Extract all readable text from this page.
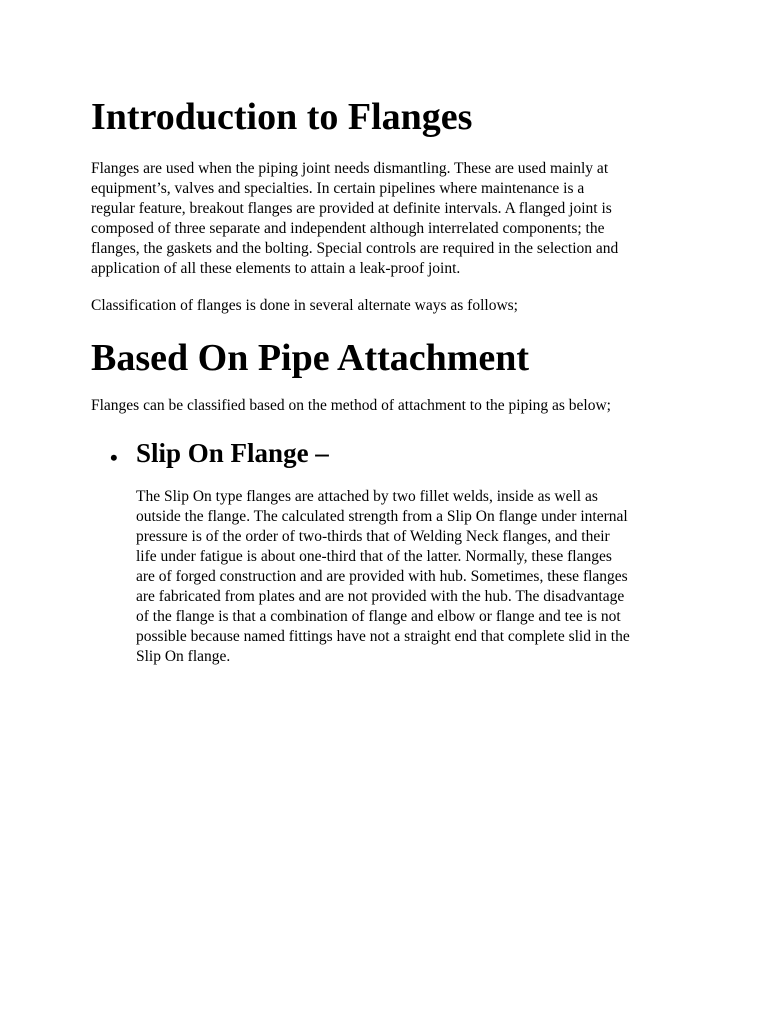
Introduction to Flanges

Flanges are used when the piping joint needs dismantling. These are used mainly at
equipment’s, valves and specialties. In certain pipelines where maintenance is a
regular feature, breakout flanges are provided at definite intervals. A flanged joint is
composed of three separate and independent although interrelated components; the
flanges, the gaskets and the bolting. Special controls are required in the selection and
application of all these elements to attain a leak-proof joint.

Classification of flanges is done in several alternate ways as follows;

Based On Pipe Attachment

Flanges can be classified based on the method of attachment to the piping as below;

• Slip On Flange –

The Slip On type flanges are attached by two fillet welds, inside as well as
outside the flange. The calculated strength from a Slip On flange under internal
pressure is of the order of two-thirds that of Welding Neck flanges, and their
life under fatigue is about one-third that of the latter. Normally, these flanges
are of forged construction and are provided with hub. Sometimes, these flanges
are fabricated from plates and are not provided with the hub. The disadvantage
of the flange is that a combination of flange and elbow or flange and tee is not
possible because named fittings have not a straight end that complete slid in the
Slip On flange.
